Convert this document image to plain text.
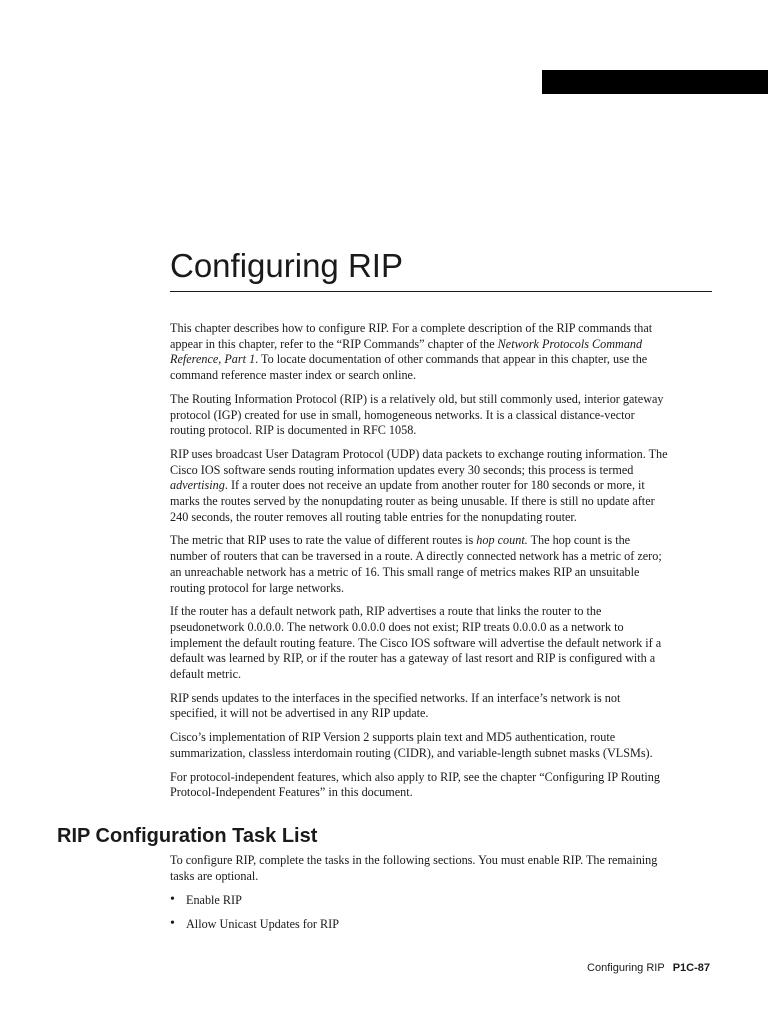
Configuring RIP

This chapter describes how to configure RIP. For a complete description of the RIP commands that appear in this chapter, refer to the “RIP Commands” chapter of the Network Protocols Command Reference, Part 1. To locate documentation of other commands that appear in this chapter, use the command reference master index or search online.

The Routing Information Protocol (RIP) is a relatively old, but still commonly used, interior gateway protocol (IGP) created for use in small, homogeneous networks. It is a classical distance-vector routing protocol. RIP is documented in RFC 1058.

RIP uses broadcast User Datagram Protocol (UDP) data packets to exchange routing information. The Cisco IOS software sends routing information updates every 30 seconds; this process is termed advertising. If a router does not receive an update from another router for 180 seconds or more, it marks the routes served by the nonupdating router as being unusable. If there is still no update after 240 seconds, the router removes all routing table entries for the nonupdating router.

The metric that RIP uses to rate the value of different routes is hop count. The hop count is the number of routers that can be traversed in a route. A directly connected network has a metric of zero; an unreachable network has a metric of 16. This small range of metrics makes RIP an unsuitable routing protocol for large networks.

If the router has a default network path, RIP advertises a route that links the router to the pseudonetwork 0.0.0.0. The network 0.0.0.0 does not exist; RIP treats 0.0.0.0 as a network to implement the default routing feature. The Cisco IOS software will advertise the default network if a default was learned by RIP, or if the router has a gateway of last resort and RIP is configured with a default metric.

RIP sends updates to the interfaces in the specified networks. If an interface’s network is not specified, it will not be advertised in any RIP update.

Cisco’s implementation of RIP Version 2 supports plain text and MD5 authentication, route summarization, classless interdomain routing (CIDR), and variable-length subnet masks (VLSMs).

For protocol-independent features, which also apply to RIP, see the chapter “Configuring IP Routing Protocol-Independent Features” in this document.

RIP Configuration Task List

To configure RIP, complete the tasks in the following sections. You must enable RIP. The remaining tasks are optional.

• Enable RIP
• Allow Unicast Updates for RIP
Configuring RIP P1C-87
